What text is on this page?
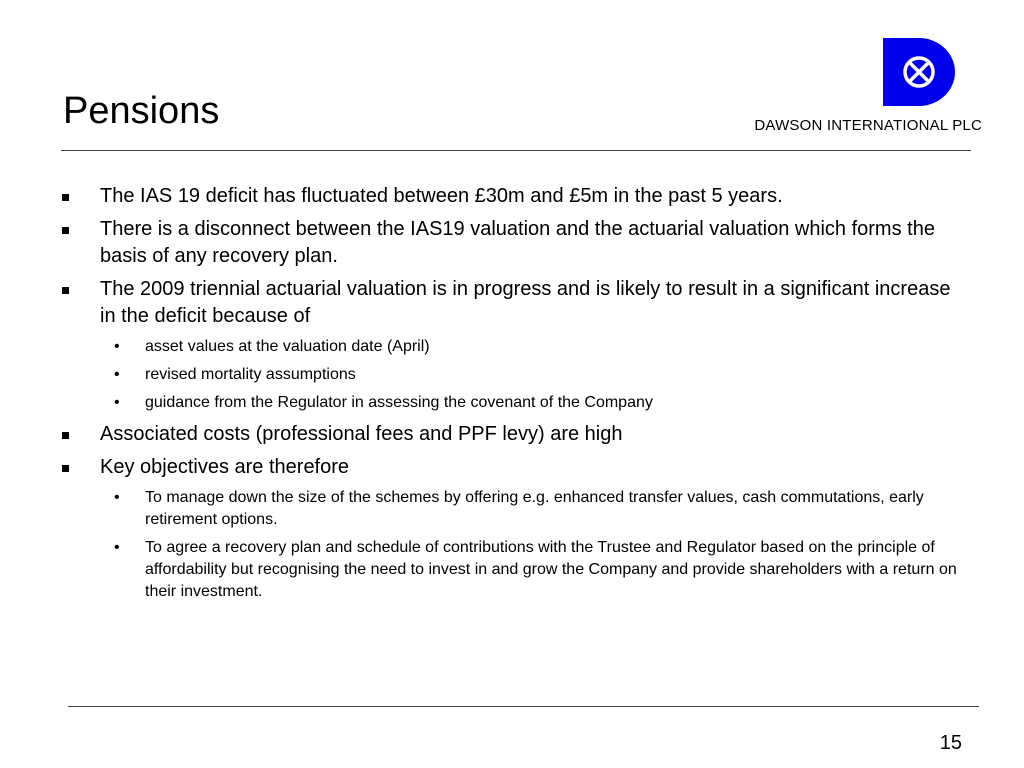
Pensions	DAWSON INTERNATIONAL PLC
The IAS 19 deficit has fluctuated between £30m and £5m in the past 5 years.
There is a disconnect between the IAS19 valuation and the actuarial valuation which forms the basis of any recovery plan.
The 2009 triennial actuarial valuation is in progress and is likely to result in a significant increase in the deficit because of
• asset values at the valuation date (April)
• revised mortality assumptions
• guidance from the Regulator in assessing the covenant of the Company
Associated costs (professional fees and PPF levy) are high
Key objectives are therefore
• To manage down the size of the schemes by offering e.g. enhanced transfer values, cash commutations, early retirement options.
• To agree a recovery plan and schedule of contributions with the Trustee and Regulator based on the principle of affordability but recognising the need to invest in and grow the Company and provide shareholders with a return on their investment.
15
